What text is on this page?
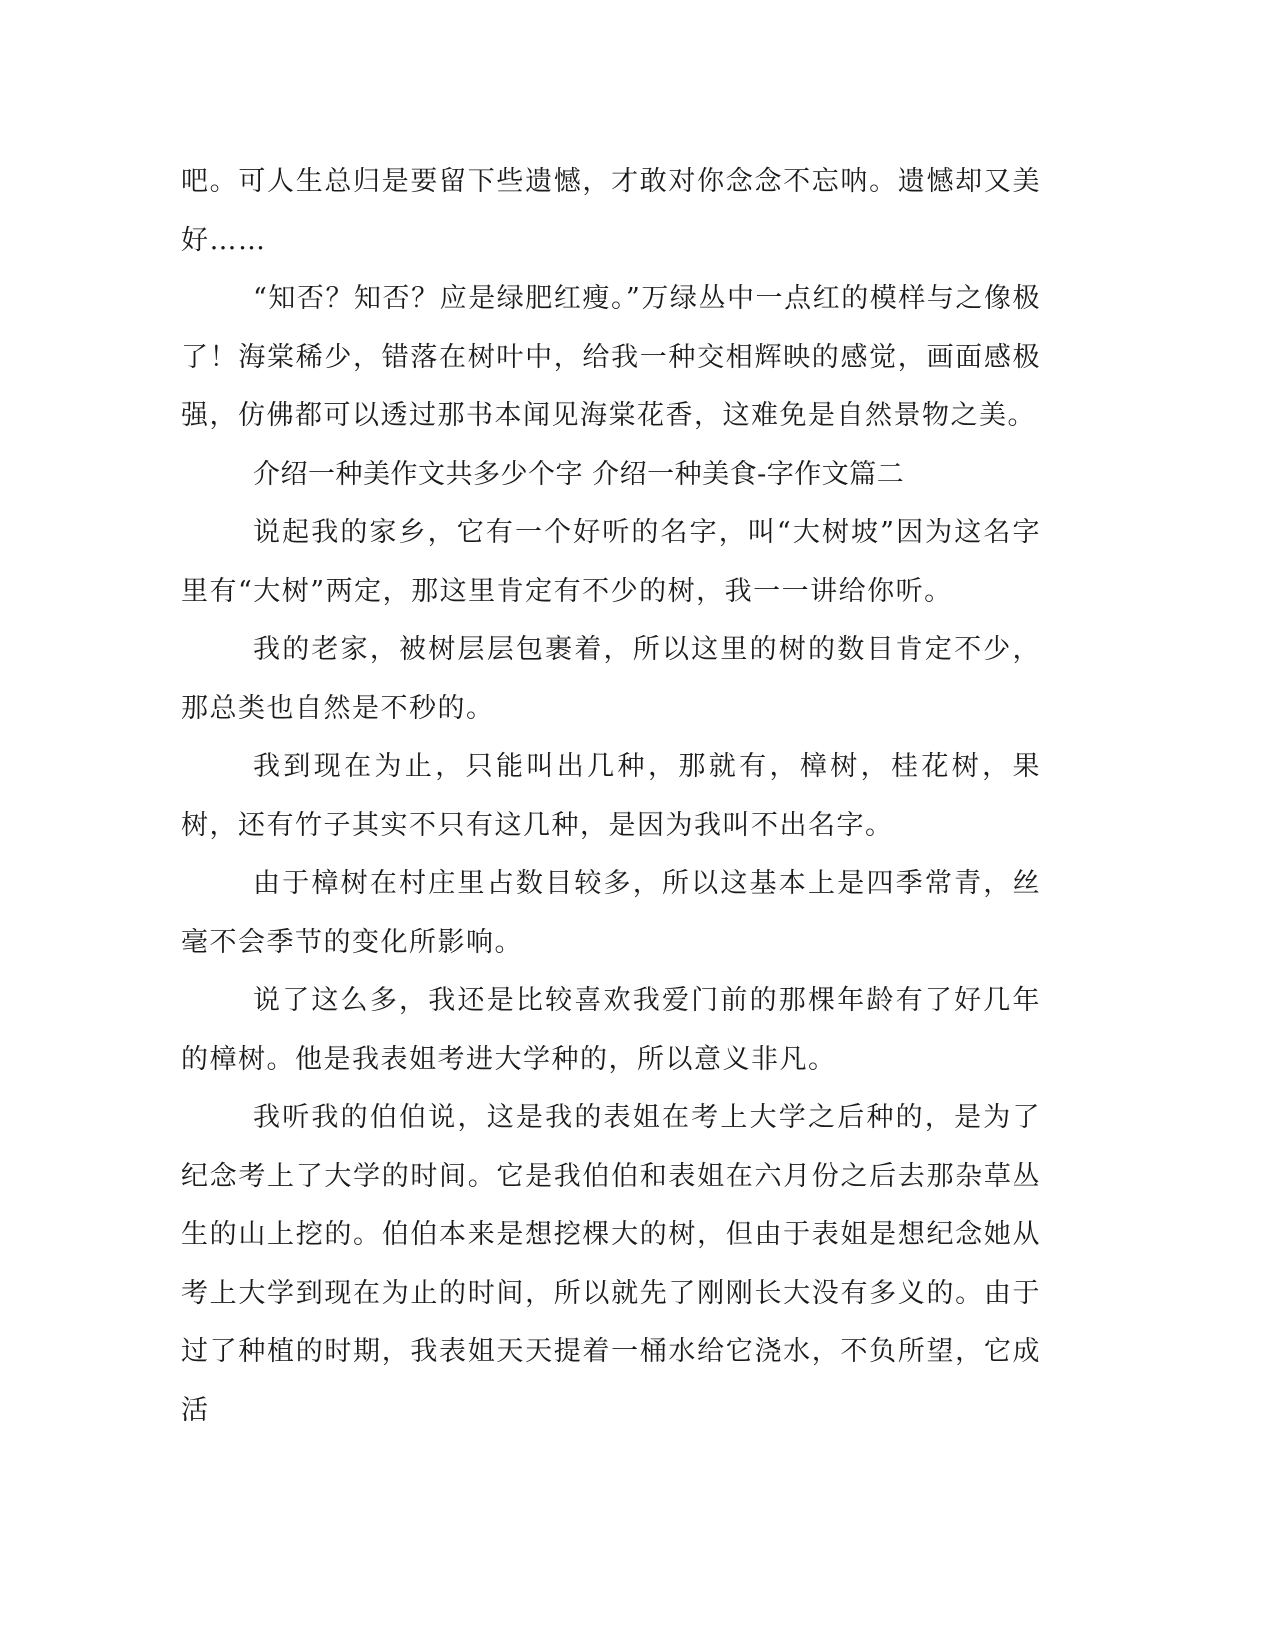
吧。可人生总归是要留下些遗憾，才敢对你念念不忘呐。遗憾却又美好……

“知否？知否？应是绿肥红瘦。”万绿丛中一点红的模样与之像极了！海棠稀少，错落在树叶中，给我一种交相辉映的感觉，画面感极强，仿佛都可以透过那书本闻见海棠花香，这难免是自然景物之美。

介绍一种美作文共多少个字 介绍一种美食-字作文篇二

说起我的家乡，它有一个好听的名字，叫“大树坡”因为这名字里有“大树”两定，那这里肯定有不少的树，我一一讲给你听。

我的老家，被树层层包裹着，所以这里的树的数目肯定不少，那总类也自然是不秒的。

我到现在为止，只能叫出几种，那就有，樟树，桂花树，果树，还有竹子其实不只有这几种，是因为我叫不出名字。

由于樟树在村庄里占数目较多，所以这基本上是四季常青，丝毫不会季节的变化所影响。

说了这么多，我还是比较喜欢我爱门前的那棵年龄有了好几年的樟树。他是我表姐考进大学种的，所以意义非凡。

我听我的伯伯说，这是我的表姐在考上大学之后种的，是为了纪念考上了大学的时间。它是我伯伯和表姐在六月份之后去那杂草丛生的山上挖的。伯伯本来是想挖棵大的树，但由于表姐是想纪念她从考上大学到现在为止的时间，所以就先了刚刚长大没有多义的。由于过了种植的时期，我表姐天天提着一桶水给它浇水，不负所望，它成活
